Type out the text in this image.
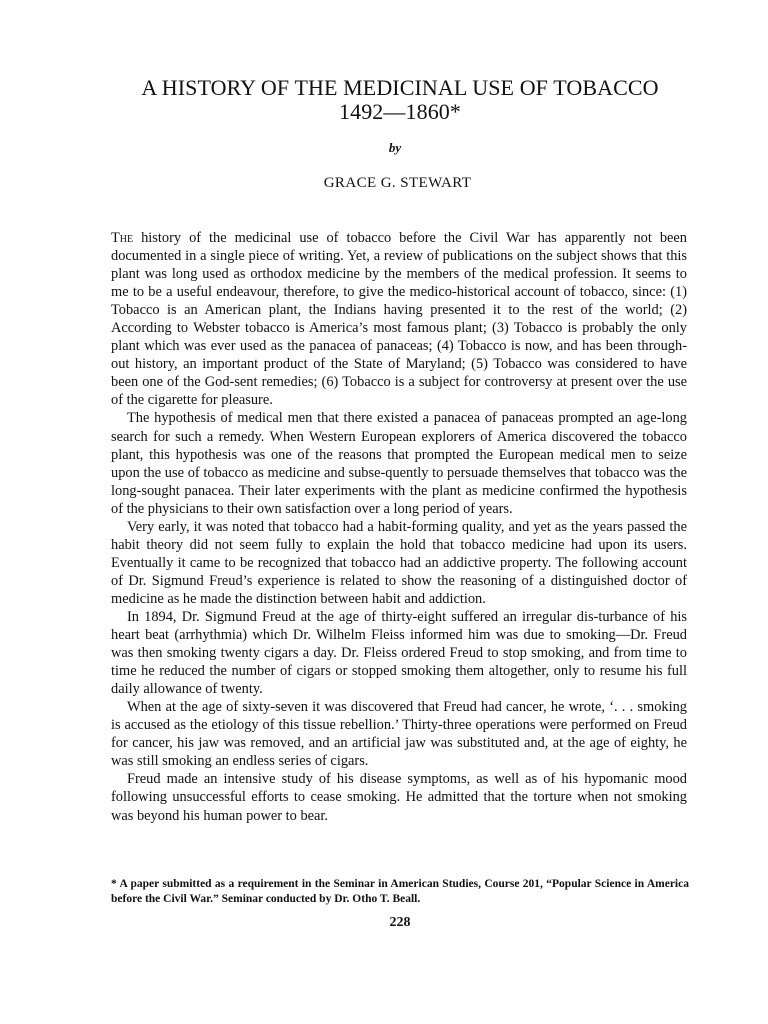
A HISTORY OF THE MEDICINAL USE OF TOBACCO
1492—1860*
by
GRACE G. STEWART

The history of the medicinal use of tobacco before the Civil War has apparently not been documented in a single piece of writing. Yet, a review of publications on the subject shows that this plant was long used as orthodox medicine by the members of the medical profession. It seems to me to be a useful endeavour, therefore, to give the medico-historical account of tobacco, since: (1) Tobacco is an American plant, the Indians having presented it to the rest of the world; (2) According to Webster tobacco is America’s most famous plant; (3) Tobacco is probably the only plant which was ever used as the panacea of panaceas; (4) Tobacco is now, and has been through-out history, an important product of the State of Maryland; (5) Tobacco was considered to have been one of the God-sent remedies; (6) Tobacco is a subject for controversy at present over the use of the cigarette for pleasure.

The hypothesis of medical men that there existed a panacea of panaceas prompted an age-long search for such a remedy. When Western European explorers of America discovered the tobacco plant, this hypothesis was one of the reasons that prompted the European medical men to seize upon the use of tobacco as medicine and subse-quently to persuade themselves that tobacco was the long-sought panacea. Their later experiments with the plant as medicine confirmed the hypothesis of the physicians to their own satisfaction over a long period of years.

Very early, it was noted that tobacco had a habit-forming quality, and yet as the years passed the habit theory did not seem fully to explain the hold that tobacco medicine had upon its users. Eventually it came to be recognized that tobacco had an addictive property. The following account of Dr. Sigmund Freud’s experience is related to show the reasoning of a distinguished doctor of medicine as he made the distinction between habit and addiction.

In 1894, Dr. Sigmund Freud at the age of thirty-eight suffered an irregular dis-turbance of his heart beat (arrhythmia) which Dr. Wilhelm Fleiss informed him was due to smoking—Dr. Freud was then smoking twenty cigars a day. Dr. Fleiss ordered Freud to stop smoking, and from time to time he reduced the number of cigars or stopped smoking them altogether, only to resume his full daily allowance of twenty.

When at the age of sixty-seven it was discovered that Freud had cancer, he wrote, ‘. . . smoking is accused as the etiology of this tissue rebellion.’ Thirty-three operations were performed on Freud for cancer, his jaw was removed, and an artificial jaw was substituted and, at the age of eighty, he was still smoking an endless series of cigars.

Freud made an intensive study of his disease symptoms, as well as of his hypomanic mood following unsuccessful efforts to cease smoking. He admitted that the torture when not smoking was beyond his human power to bear.

* A paper submitted as a requirement in the Seminar in American Studies, Course 201, “Popular Science in America before the Civil War.” Seminar conducted by Dr. Otho T. Beall.
228
